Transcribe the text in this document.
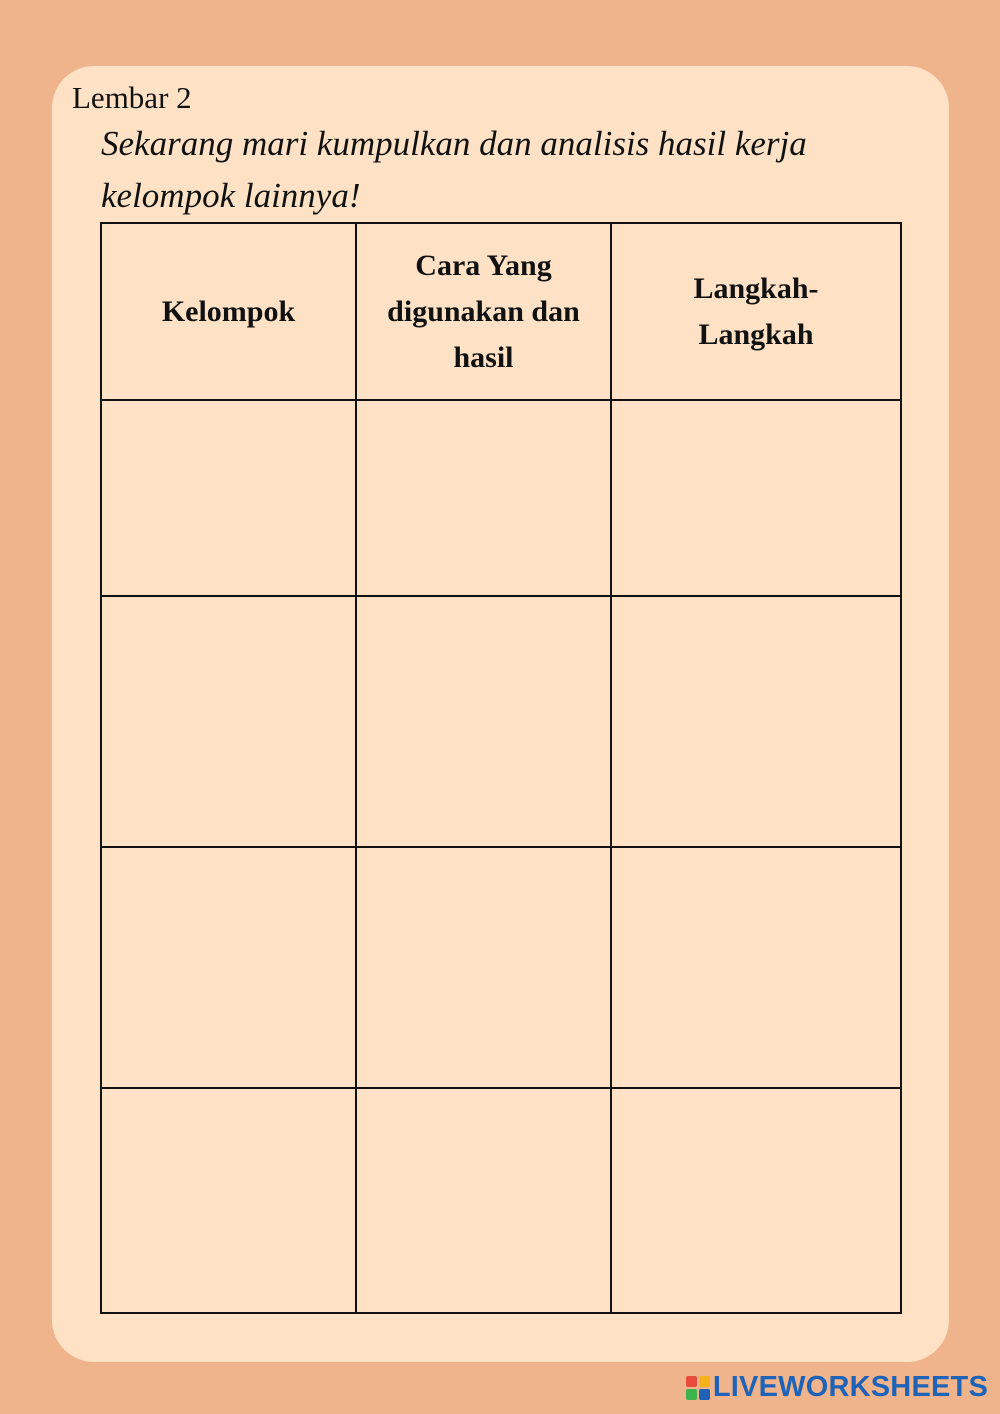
Lembar 2
Sekarang mari kumpulkan dan analisis hasil kerja kelompok lainnya!
Kelompok	Cara Yang digunakan dan hasil	Langkah-Langkah

LIVEWORKSHEETS
